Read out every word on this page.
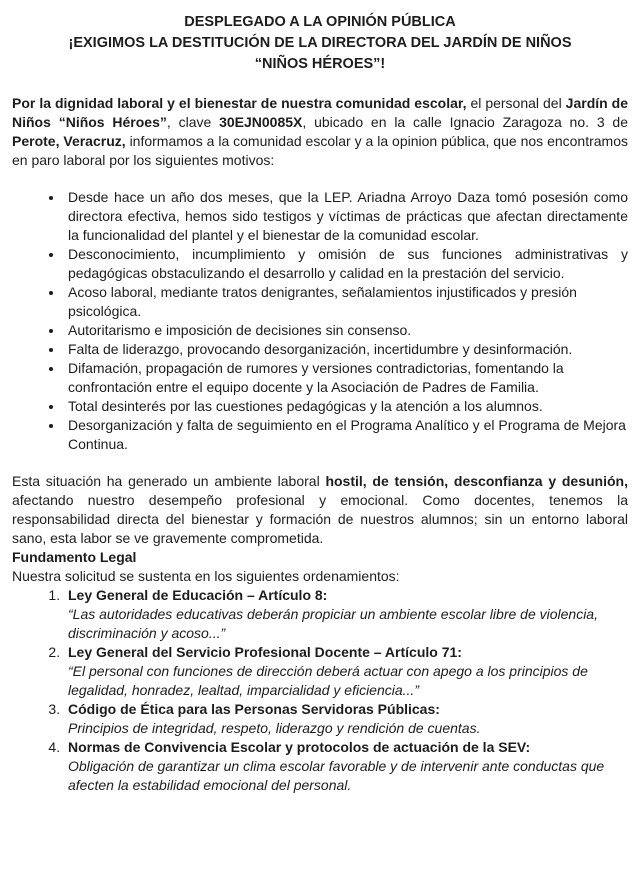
DESPLEGADO A LA OPINIÓN PÚBLICA
¡EXIGIMOS LA DESTITUCIÓN DE LA DIRECTORA DEL JARDÍN DE NIÑOS
“NIÑOS HÉROES”!

Por la dignidad laboral y el bienestar de nuestra comunidad escolar, el personal del Jardín de Niños “Niños Héroes”, clave 30EJN0085X, ubicado en la calle Ignacio Zaragoza no. 3 de Perote, Veracruz, informamos a la comunidad escolar y a la opinion pública, que nos encontramos en paro laboral por los siguientes motivos:

• Desde hace un año dos meses, que la LEP. Ariadna Arroyo Daza tomó posesión como directora efectiva, hemos sido testigos y víctimas de prácticas que afectan directamente la funcionalidad del plantel y el bienestar de la comunidad escolar.
• Desconocimiento, incumplimiento y omisión de sus funciones administrativas y pedagógicas obstaculizando el desarrollo y calidad en la prestación del servicio.
• Acoso laboral, mediante tratos denigrantes, señalamientos injustificados y presión psicológica.
• Autoritarismo e imposición de decisiones sin consenso.
• Falta de liderazgo, provocando desorganización, incertidumbre y desinformación.
• Difamación, propagación de rumores y versiones contradictorias, fomentando la confrontación entre el equipo docente y la Asociación de Padres de Familia.
• Total desinterés por las cuestiones pedagógicas y la atención a los alumnos.
• Desorganización y falta de seguimiento en el Programa Analítico y el Programa de Mejora Continua.

Esta situación ha generado un ambiente laboral hostil, de tensión, desconfianza y desunión, afectando nuestro desempeño profesional y emocional. Como docentes, tenemos la responsabilidad directa del bienestar y formación de nuestros alumnos; sin un entorno laboral sano, esta labor se ve gravemente comprometida.

Fundamento Legal

Nuestra solicitud se sustenta en los siguientes ordenamientos:

1. Ley General de Educación – Artículo 8:
“Las autoridades educativas deberán propiciar un ambiente escolar libre de violencia, discriminación y acoso...”
2. Ley General del Servicio Profesional Docente – Artículo 71:
“El personal con funciones de dirección deberá actuar con apego a los principios de legalidad, honradez, lealtad, imparcialidad y eficiencia...”
3. Código de Ética para las Personas Servidoras Públicas:
Principios de integridad, respeto, liderazgo y rendición de cuentas.
4. Normas de Convivencia Escolar y protocolos de actuación de la SEV:
Obligación de garantizar un clima escolar favorable y de intervenir ante conductas que afecten la estabilidad emocional del personal.
